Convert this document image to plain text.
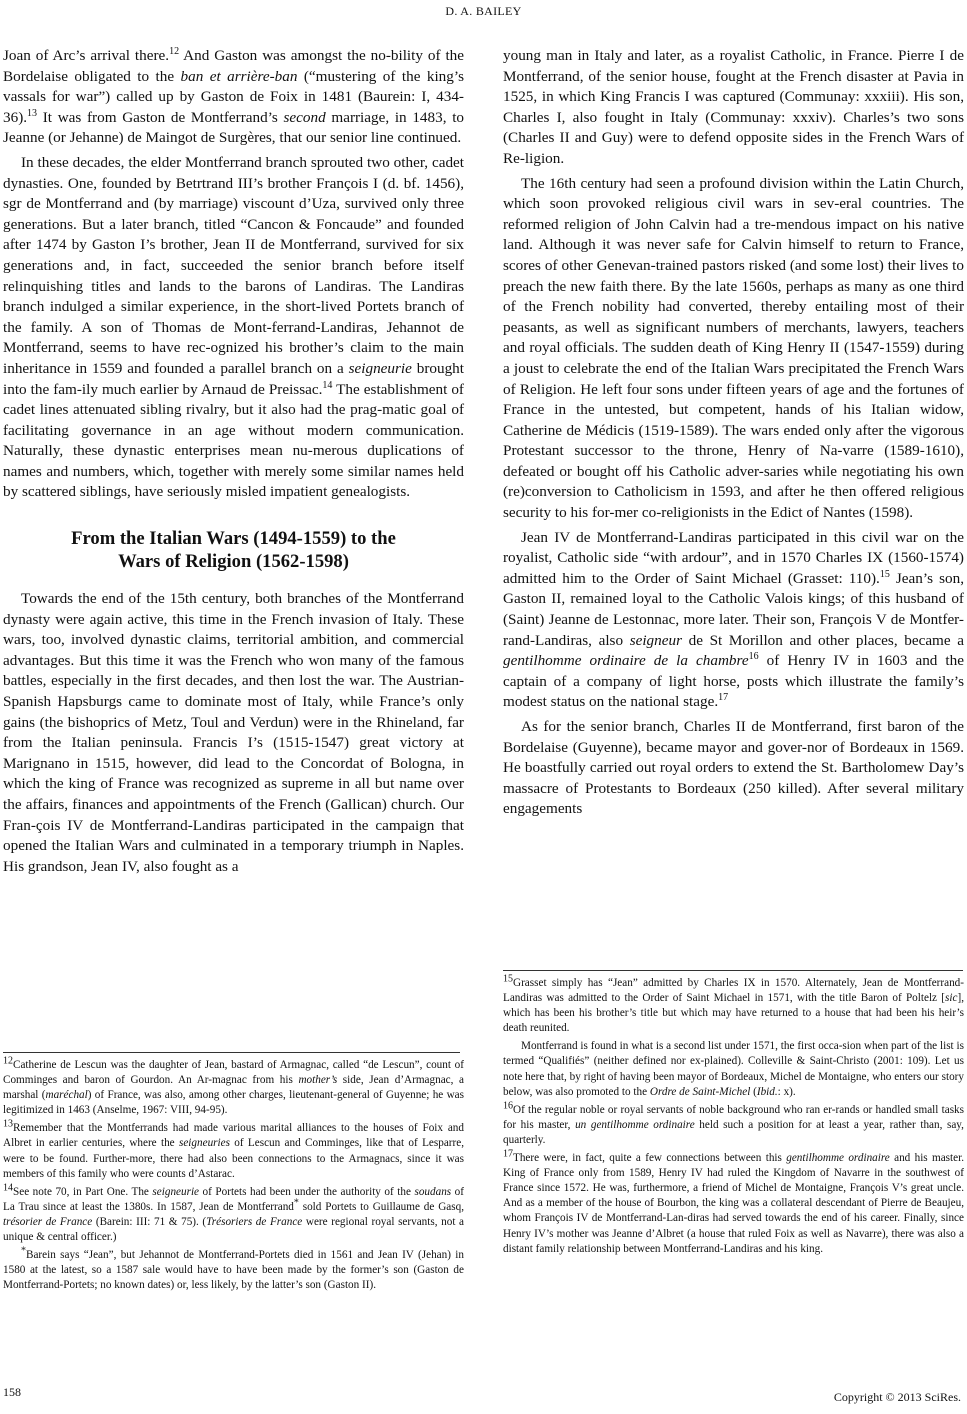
D. A. BAILEY

Joan of Arc’s arrival there.$^{12}$ And Gaston was amongst the no-bility of the Bordelaise obligated to the ban et arrière-ban (“mustering of the king’s vassals for war”) called up by Gaston de Foix in 1481 (Baurein: I, 434-36).$^{13}$ It was from Gaston de Montferrand’s second marriage, in 1483, to Jeanne (or Jehanne) de Maingot de Surgères, that our senior line continued.

In these decades, the elder Montferrand branch sprouted two other, cadet dynasties. One, founded by Betrtrand III’s brother François I (d. bf. 1456), sgr de Montferrand and (by marriage) viscount d’Uza, survived only three generations. But a later branch, titled “Cancon & Foncaude” and founded after 1474 by Gaston I’s brother, Jean II de Montferrand, survived for six generations and, in fact, succeeded the senior branch before itself relinquishing titles and lands to the barons of Landiras. The Landiras branch indulged a similar experience, in the short-lived Portets branch of the family. A son of Thomas de Mont-ferrand-Landiras, Jehannot de Montferrand, seems to have rec-ognized his brother’s claim to the main inheritance in 1559 and founded a parallel branch on a seigneurie brought into the fam-ily much earlier by Arnaud de Preissac.$^{14}$ The establishment of cadet lines attenuated sibling rivalry, but it also had the prag-matic goal of facilitating governance in an age without modern communication. Naturally, these dynastic enterprises mean nu-merous duplications of names and numbers, which, together with merely some similar names held by scattered siblings, have seriously misled impatient genealogists.

From the Italian Wars (1494-1559) to the
Wars of Religion (1562-1598)

Towards the end of the 15th century, both branches of the Montferrand dynasty were again active, this time in the French invasion of Italy. These wars, too, involved dynastic claims, territorial ambition, and commercial advantages. But this time it was the French who won many of the famous battles, especially in the first decades, and then lost the war. The Austrian-Spanish Hapsburgs came to dominate most of Italy, while France’s only gains (the bishoprics of Metz, Toul and Verdun) were in the Rhineland, far from the Italian peninsula. Francis I’s (1515-1547) great victory at Marignano in 1515, however, did lead to the Concordat of Bologna, in which the king of France was recognized as supreme in all but name over the affairs, finances and appointments of the French (Gallican) church. Our Fran-çois IV de Montferrand-Landiras participated in the campaign that opened the Italian Wars and culminated in a temporary triumph in Naples. His grandson, Jean IV, also fought as a

$^{12}$Catherine de Lescun was the daughter of Jean, bastard of Armagnac, called “de Lescun”, count of Comminges and baron of Gourdon. An Ar-magnac from his mother’s side, Jean d’Armagnac, a marshal (maréchal) of France, was also, among other charges, lieutenant-general of Guyenne; he was legitimized in 1463 (Anselme, 1967: VIII, 94-95).

$^{13}$Remember that the Montferrands had made various marital alliances to the houses of Foix and Albret in earlier centuries, where the seigneuries of Lescun and Comminges, like that of Lesparre, were to be found. Further-more, there had also been connections to the Armagnacs, since it was members of this family who were counts d’Astarac.

$^{14}$See note 70, in Part One. The seigneurie of Portets had been under the authority of the soudans of La Trau since at least the 1380s. In 1587, Jean de Montferrand* sold Portets to Guillaume de Gasq, trésorier de France (Barein: III: 71 & 75). (Trésoriers de France were regional royal servants, not a unique & central officer.)

*Barein says “Jean”, but Jehannot de Montferrand-Portets died in 1561 and Jean IV (Jehan) in 1580 at the latest, so a 1587 sale would have to have been made by the former’s son (Gaston de Montferrand-Portets; no known dates) or, less likely, by the latter’s son (Gaston II).

young man in Italy and later, as a royalist Catholic, in France. Pierre I de Montferrand, of the senior house, fought at the French disaster at Pavia in 1525, in which King Francis I was captured (Communay: xxxiii). His son, Charles I, also fought in Italy (Communay: xxxiv). Charles’s two sons (Charles II and Guy) were to defend opposite sides in the French Wars of Re-ligion.

The 16th century had seen a profound division within the Latin Church, which soon provoked religious civil wars in sev-eral countries. The reformed religion of John Calvin had a tre-mendous impact on his native land. Although it was never safe for Calvin himself to return to France, scores of other Genevan-trained pastors risked (and some lost) their lives to preach the new faith there. By the late 1560s, perhaps as many as one third of the French nobility had converted, thereby entailing most of their peasants, as well as significant numbers of merchants, lawyers, teachers and royal officials. The sudden death of King Henry II (1547-1559) during a joust to celebrate the end of the Italian Wars precipitated the French Wars of Religion. He left four sons under fifteen years of age and the fortunes of France in the untested, but competent, hands of his Italian widow, Catherine de Médicis (1519-1589). The wars ended only after the vigorous Protestant successor to the throne, Henry of Na-varre (1589-1610), defeated or bought off his Catholic adver-saries while negotiating his own (re)conversion to Catholicism in 1593, and after he then offered religious security to his for-mer co-religionists in the Edict of Nantes (1598).

Jean IV de Montferrand-Landiras participated in this civil war on the royalist, Catholic side “with ardour”, and in 1570 Charles IX (1560-1574) admitted him to the Order of Saint Michael (Grasset: 110).$^{15}$ Jean’s son, Gaston II, remained loyal to the Catholic Valois kings; of this husband of (Saint) Jeanne de Lestonnac, more later. Their son, François V de Montfer-rand-Landiras, also seigneur de St Morillon and other places, became a gentilhomme ordinaire de la chambre$^{16}$ of Henry IV in 1603 and the captain of a company of light horse, posts which illustrate the family’s modest status on the national stage.$^{17}$

As for the senior branch, Charles II de Montferrand, first baron of the Bordelaise (Guyenne), became mayor and gover-nor of Bordeaux in 1569. He boastfully carried out royal orders to extend the St. Bartholomew Day’s massacre of Protestants to Bordeaux (250 killed). After several military engagements

$^{15}$Grasset simply has “Jean” admitted by Charles IX in 1570. Alternately, Jean de Montferrand-Landiras was admitted to the Order of Saint Michael in 1571, with the title Baron of Poltelz [sic], which has been his brother’s title but which may have returned to a house that had been his heir’s death reunited.

Montferrand is found in what is a second list under 1571, the first occa-sion when part of the list is termed “Qualifiés” (neither defined nor ex-plained). Colleville & Saint-Christo (2001: 109). Let us note here that, by right of having been mayor of Bordeaux, Michel de Montaigne, who enters our story below, was also promoted to the Ordre de Saint-Michel (Ibid.: x).

$^{16}$Of the regular noble or royal servants of noble background who ran er-rands or handled small tasks for his master, un gentilhomme ordinaire held such a position for at least a year, rather than, say, quarterly.

$^{17}$There were, in fact, quite a few connections between this gentilhomme ordinaire and his master. King of France only from 1589, Henry IV had ruled the Kingdom of Navarre in the southwest of France since 1572. He was, furthermore, a friend of Michel de Montaigne, François V’s great uncle. And as a member of the house of Bourbon, the king was a collateral descendant of Pierre de Beaujeu, whom François IV de Montferrand-Lan-diras had served towards the end of his career. Finally, since Henry IV’s mother was Jeanne d’Albret (a house that ruled Foix as well as Navarre), there was also a distant family relationship between Montferrand-Landiras and his king.

158	Copyright © 2013 SciRes.
